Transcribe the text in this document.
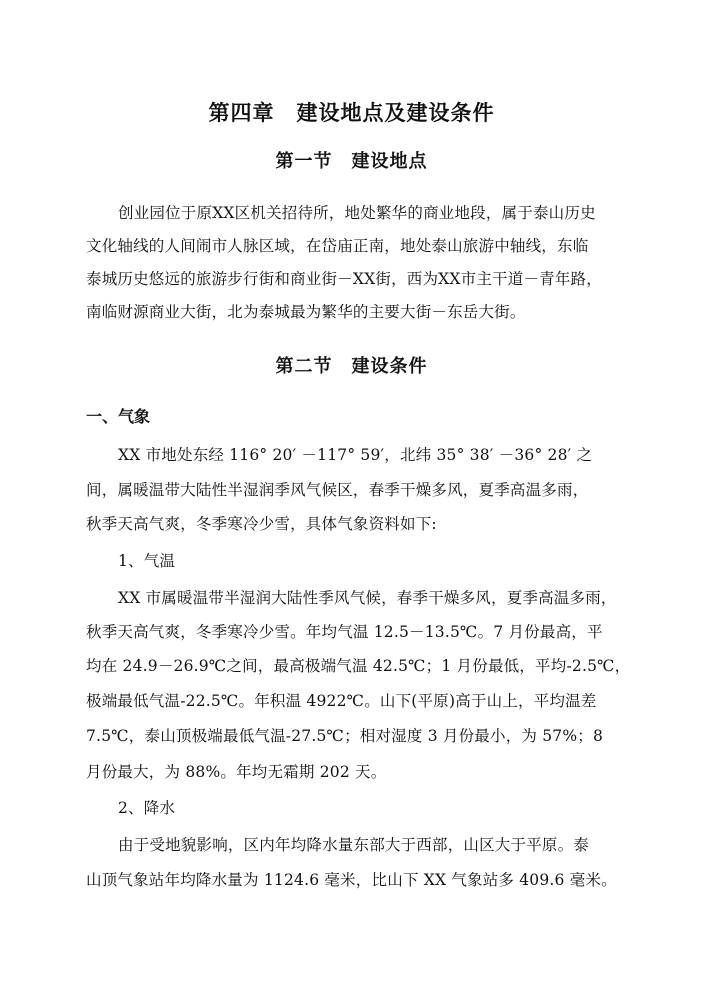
第四章　建设地点及建设条件
第一节　建设地点
创业园位于原XX区机关招待所，地处繁华的商业地段，属于泰山历史
文化轴线的人间闹市人脉区域，在岱庙正南，地处泰山旅游中轴线，东临
泰城历史悠远的旅游步行街和商业街－XX街，西为XX市主干道－青年路，
南临财源商业大街，北为泰城最为繁华的主要大街－东岳大街。
第二节　建设条件
一、气象
XX 市地处东经 116° 20′ －117° 59′，北纬 35° 38′ －36° 28′ 之
间，属暖温带大陆性半湿润季风气候区，春季干燥多风，夏季高温多雨，
秋季天高气爽，冬季寒冷少雪，具体气象资料如下:
1、气温
XX 市属暖温带半湿润大陆性季风气候，春季干燥多风，夏季高温多雨，
秋季天高气爽，冬季寒冷少雪。年均气温 12.5－13.5℃。7 月份最高，平
均在 24.9－26.9℃之间，最高极端气温 42.5℃；1 月份最低，平均-2.5℃，
极端最低气温-22.5℃。年积温 4922℃。山下(平原)高于山上，平均温差
7.5℃，泰山顶极端最低气温-27.5℃；相对湿度 3 月份最小，为 57%；8
月份最大，为 88%。年均无霜期 202 天。
2、降水
由于受地貌影响，区内年均降水量东部大于西部，山区大于平原。泰
山顶气象站年均降水量为 1124.6 毫米，比山下 XX 气象站多 409.6 毫米。
